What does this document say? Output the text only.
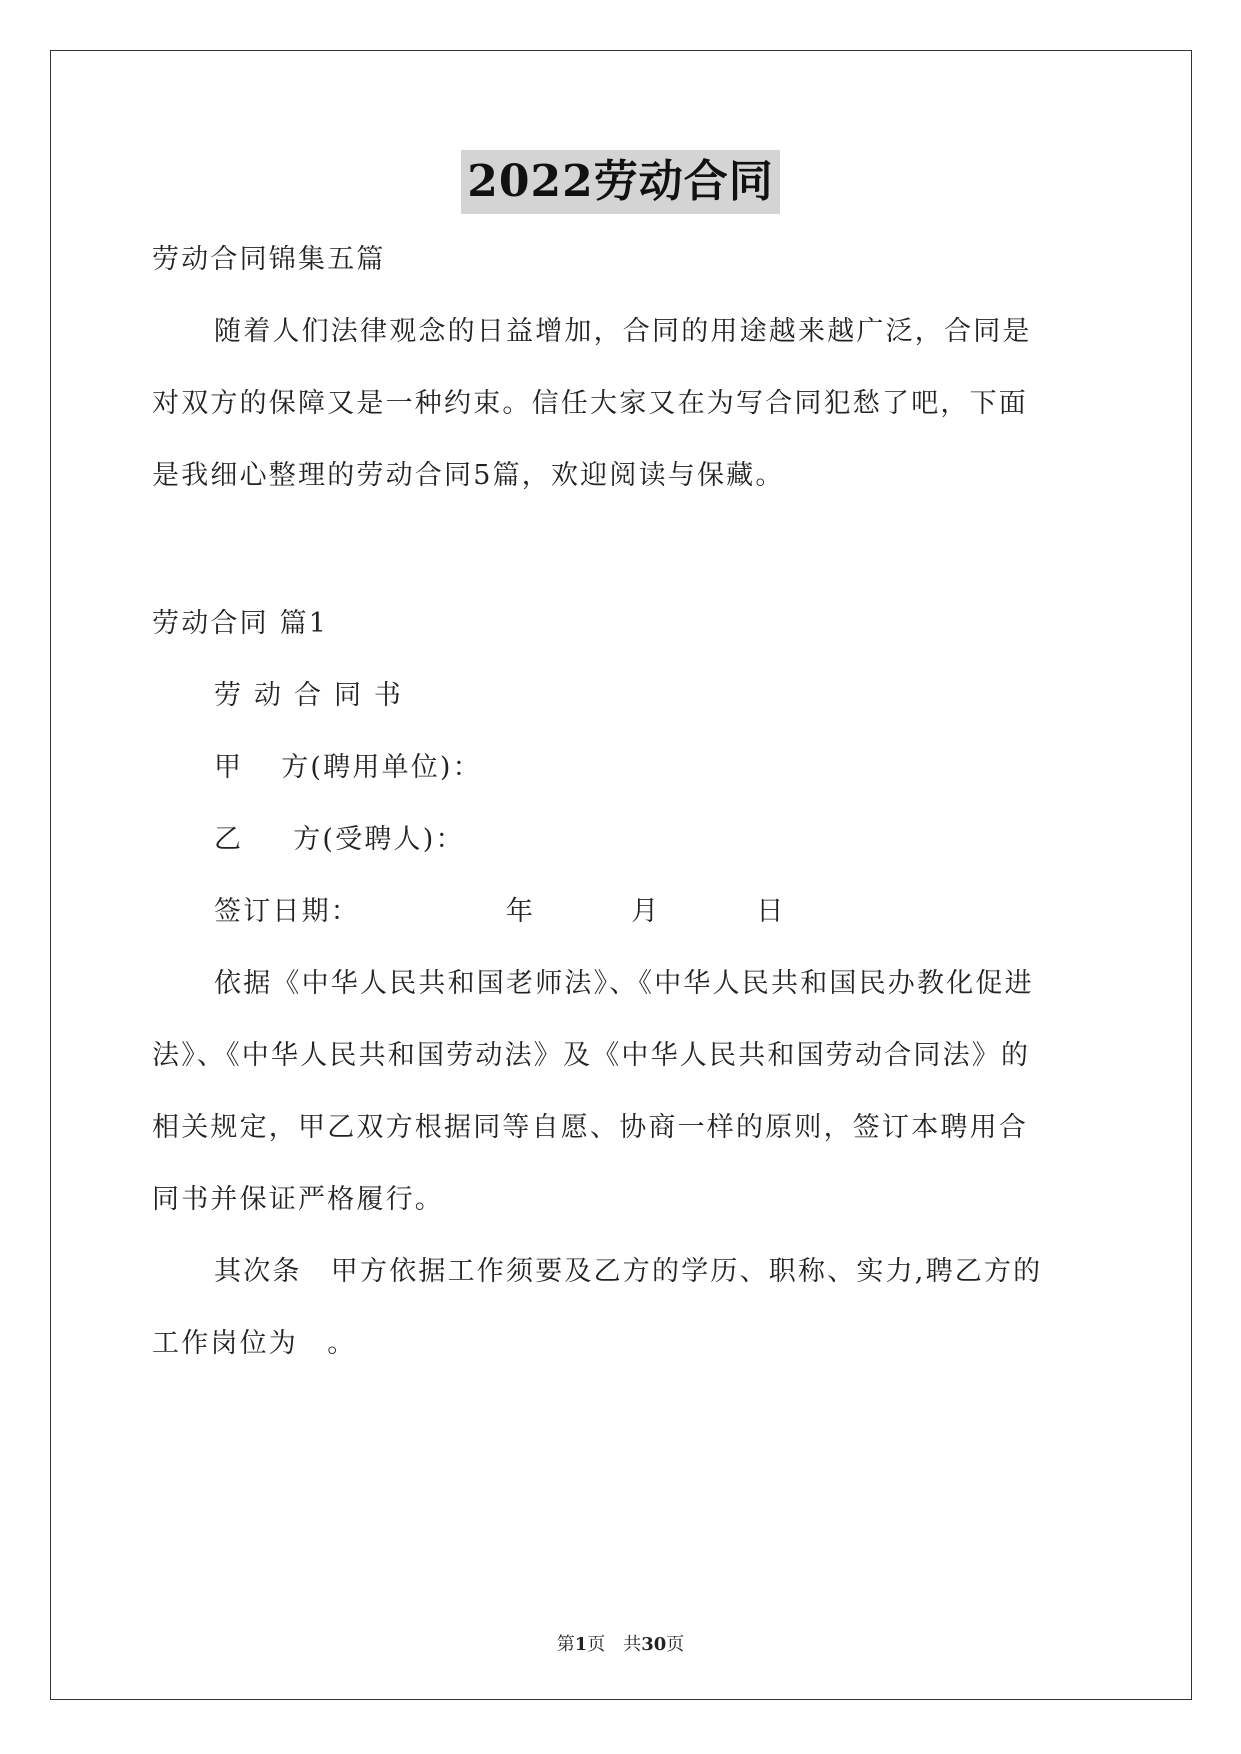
2022劳动合同
劳动合同锦集五篇
随着人们法律观念的日益增加，合同的用途越来越广泛，合同是
对双方的保障又是一种约束。信任大家又在为写合同犯愁了吧，下面
是我细心整理的劳动合同5篇，欢迎阅读与保藏。
劳动合同 篇1
劳 动 合 同 书
甲 方(聘用单位)：
乙 方(受聘人)：
签订日期：	年	月	日
依据《中华人民共和国老师法》、《中华人民共和国民办教化促进
法》、《中华人民共和国劳动法》及《中华人民共和国劳动合同法》的
相关规定，甲乙双方根据同等自愿、协商一样的原则，签订本聘用合
同书并保证严格履行。
其次条　甲方依据工作须要及乙方的学历、职称、实力,聘乙方的
工作岗位为　。
第1页　共30页
